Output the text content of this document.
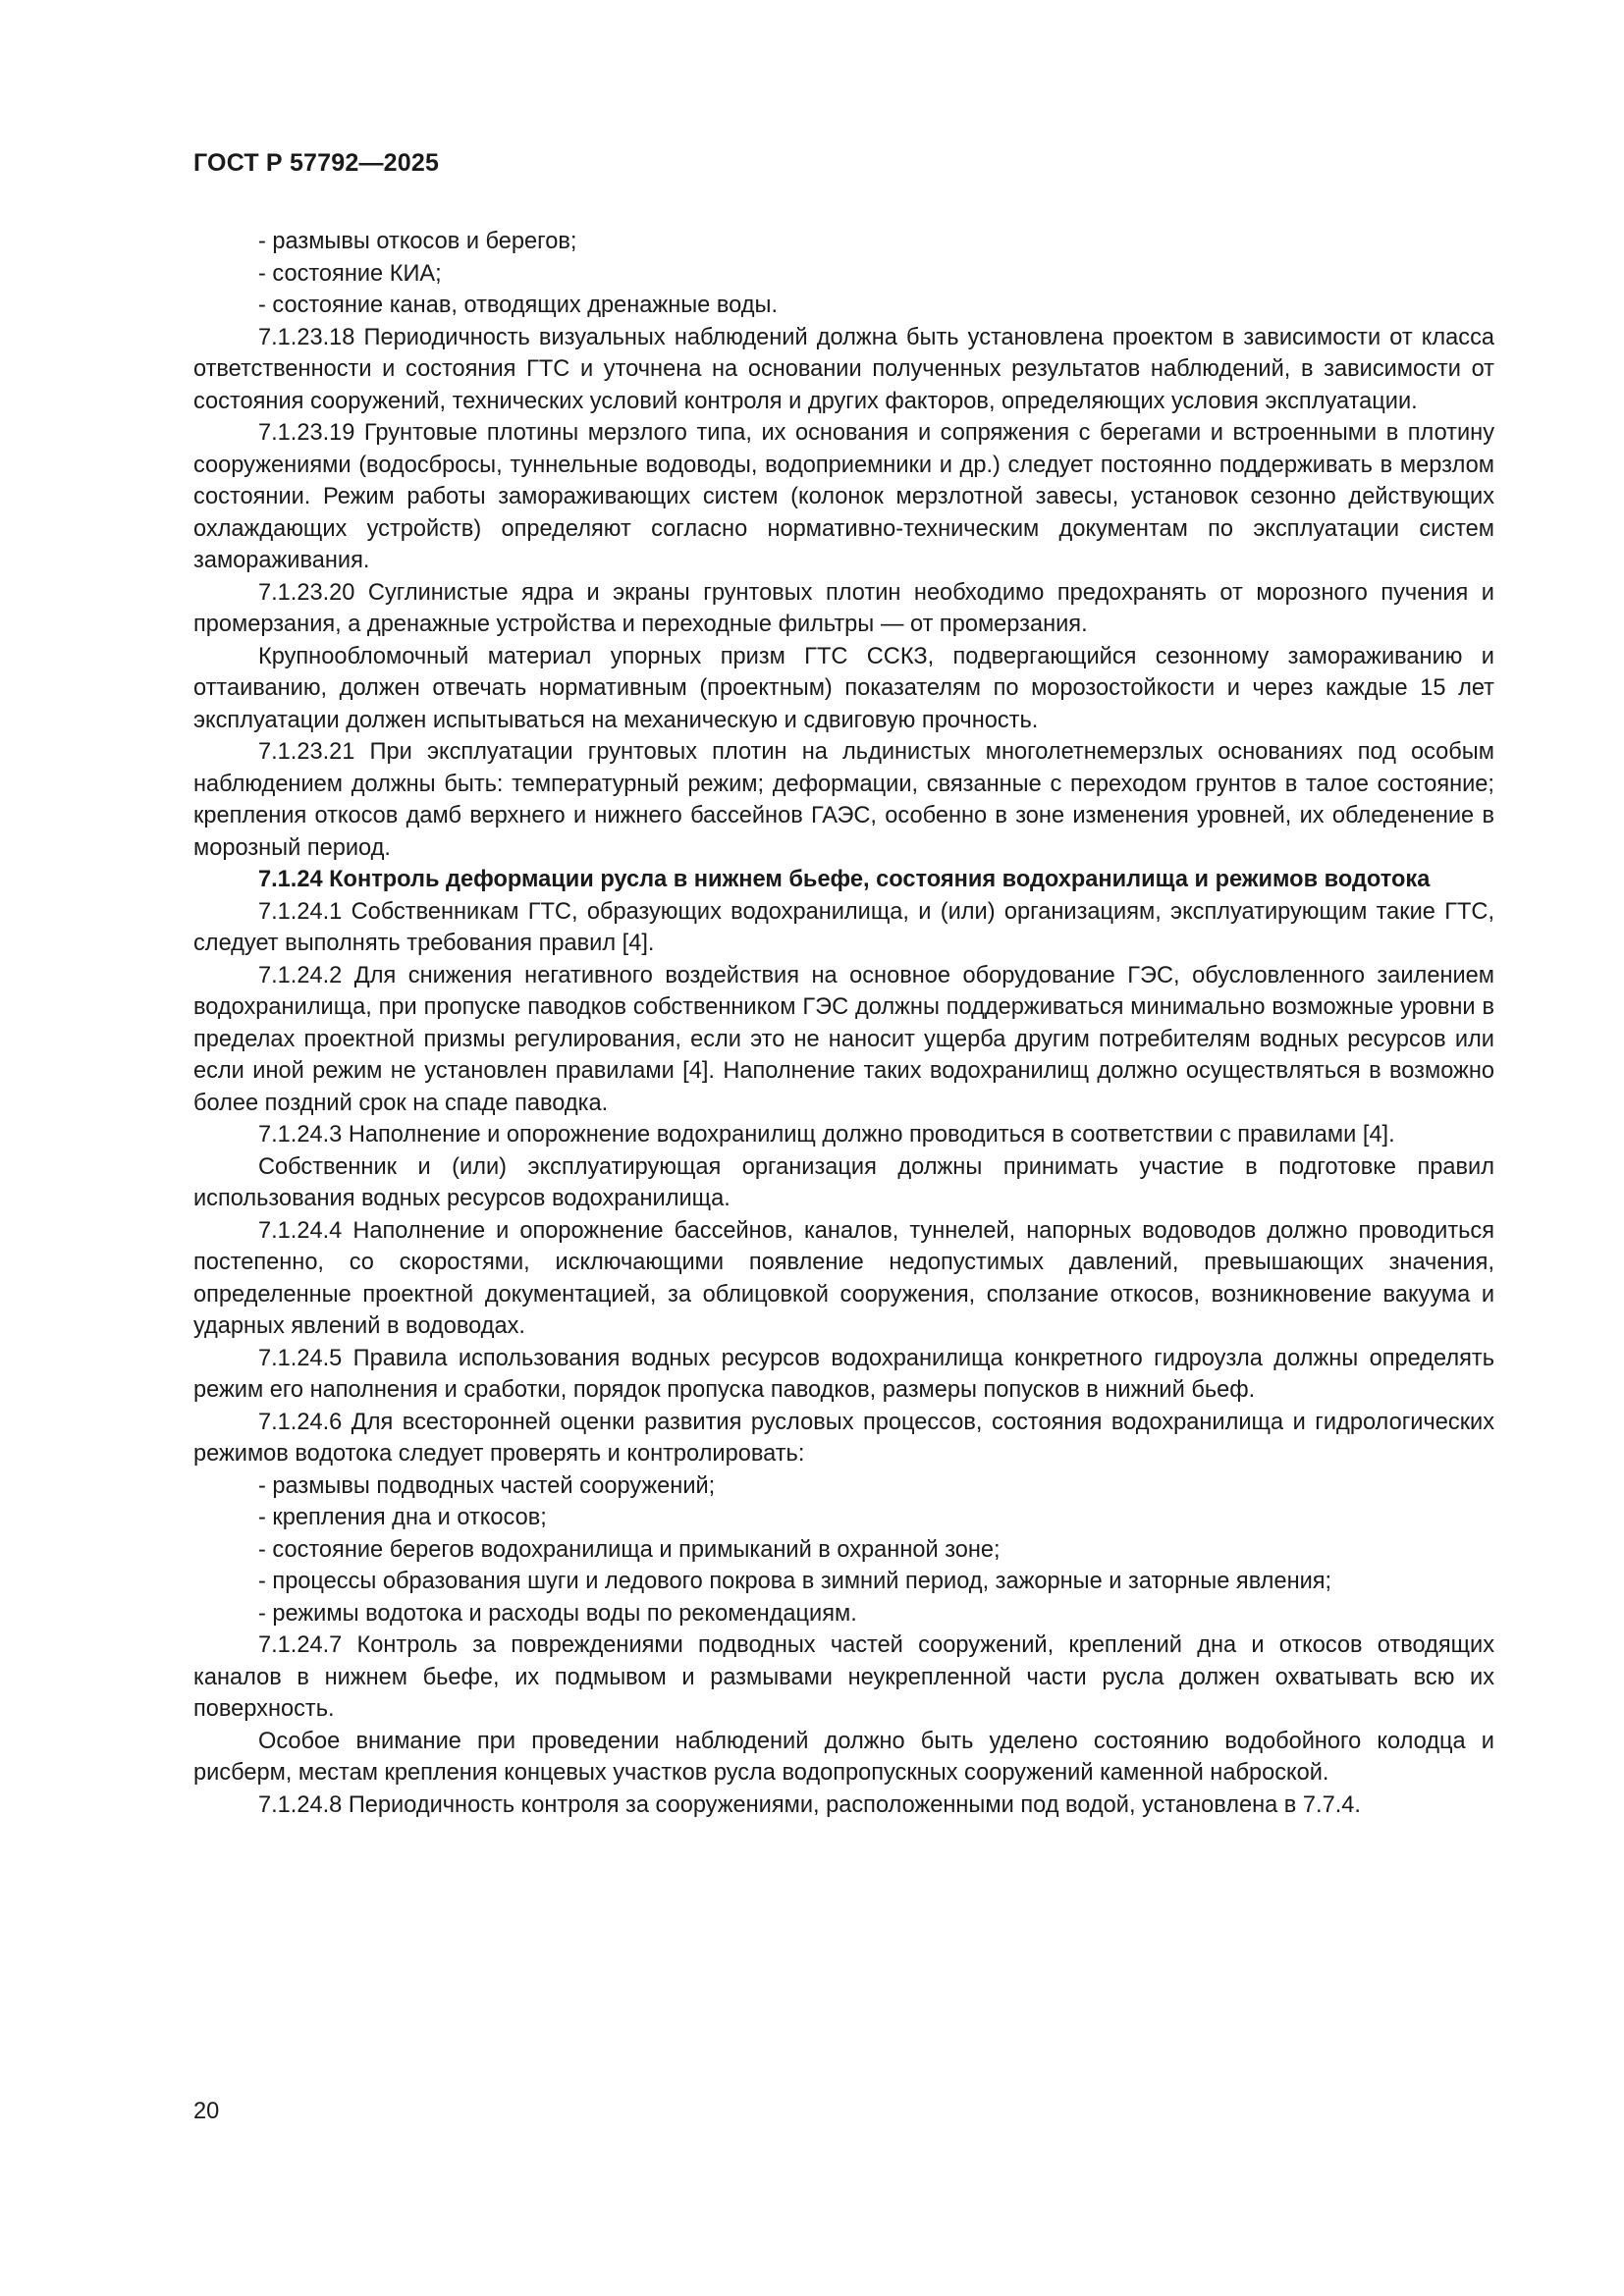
ГОСТ Р 57792—2025

- размывы откосов и берегов;

- состояние КИА;

- состояние канав, отводящих дренажные воды.

7.1.23.18 Периодичность визуальных наблюдений должна быть установлена проектом в зависимости от класса ответственности и состояния ГТС и уточнена на основании полученных результатов наблюдений, в зависимости от состояния сооружений, технических условий контроля и других факторов, определяющих условия эксплуатации.

7.1.23.19 Грунтовые плотины мерзлого типа, их основания и сопряжения с берегами и встроенными в плотину сооружениями (водосбросы, туннельные водоводы, водоприемники и др.) следует постоянно поддерживать в мерзлом состоянии. Режим работы замораживающих систем (колонок мерзлотной завесы, установок сезонно действующих охлаждающих устройств) определяют согласно нормативно-техническим документам по эксплуатации систем замораживания.

7.1.23.20 Суглинистые ядра и экраны грунтовых плотин необходимо предохранять от морозного пучения и промерзания, а дренажные устройства и переходные фильтры — от промерзания.

Крупнообломочный материал упорных призм ГТС ССКЗ, подвергающийся сезонному замораживанию и оттаиванию, должен отвечать нормативным (проектным) показателям по морозостойкости и через каждые 15 лет эксплуатации должен испытываться на механическую и сдвиговую прочность.

7.1.23.21 При эксплуатации грунтовых плотин на льдинистых многолетнемерзлых основаниях под особым наблюдением должны быть: температурный режим; деформации, связанные с переходом грунтов в талое состояние; крепления откосов дамб верхнего и нижнего бассейнов ГАЭС, особенно в зоне изменения уровней, их обледенение в морозный период.

7.1.24 Контроль деформации русла в нижнем бьефе, состояния водохранилища и режимов водотока

7.1.24.1 Собственникам ГТС, образующих водохранилища, и (или) организациям, эксплуатирующим такие ГТС, следует выполнять требования правил [4].

7.1.24.2 Для снижения негативного воздействия на основное оборудование ГЭС, обусловленного заилением водохранилища, при пропуске паводков собственником ГЭС должны поддерживаться минимально возможные уровни в пределах проектной призмы регулирования, если это не наносит ущерба другим потребителям водных ресурсов или если иной режим не установлен правилами [4]. Наполнение таких водохранилищ должно осуществляться в возможно более поздний срок на спаде паводка.

7.1.24.3 Наполнение и опорожнение водохранилищ должно проводиться в соответствии с правилами [4].

Собственник и (или) эксплуатирующая организация должны принимать участие в подготовке правил использования водных ресурсов водохранилища.

7.1.24.4 Наполнение и опорожнение бассейнов, каналов, туннелей, напорных водоводов должно проводиться постепенно, со скоростями, исключающими появление недопустимых давлений, превышающих значения, определенные проектной документацией, за облицовкой сооружения, сползание откосов, возникновение вакуума и ударных явлений в водоводах.

7.1.24.5 Правила использования водных ресурсов водохранилища конкретного гидроузла должны определять режим его наполнения и сработки, порядок пропуска паводков, размеры попусков в нижний бьеф.

7.1.24.6 Для всесторонней оценки развития русловых процессов, состояния водохранилища и гидрологических режимов водотока следует проверять и контролировать:

- размывы подводных частей сооружений;

- крепления дна и откосов;

- состояние берегов водохранилища и примыканий в охранной зоне;

- процессы образования шуги и ледового покрова в зимний период, зажорные и заторные явления;

- режимы водотока и расходы воды по рекомендациям.

7.1.24.7 Контроль за повреждениями подводных частей сооружений, креплений дна и откосов отводящих каналов в нижнем бьефе, их подмывом и размывами неукрепленной части русла должен охватывать всю их поверхность.

Особое внимание при проведении наблюдений должно быть уделено состоянию водобойного колодца и рисберм, местам крепления концевых участков русла водопропускных сооружений каменной наброской.

7.1.24.8 Периодичность контроля за сооружениями, расположенными под водой, установлена в 7.7.4.

20
